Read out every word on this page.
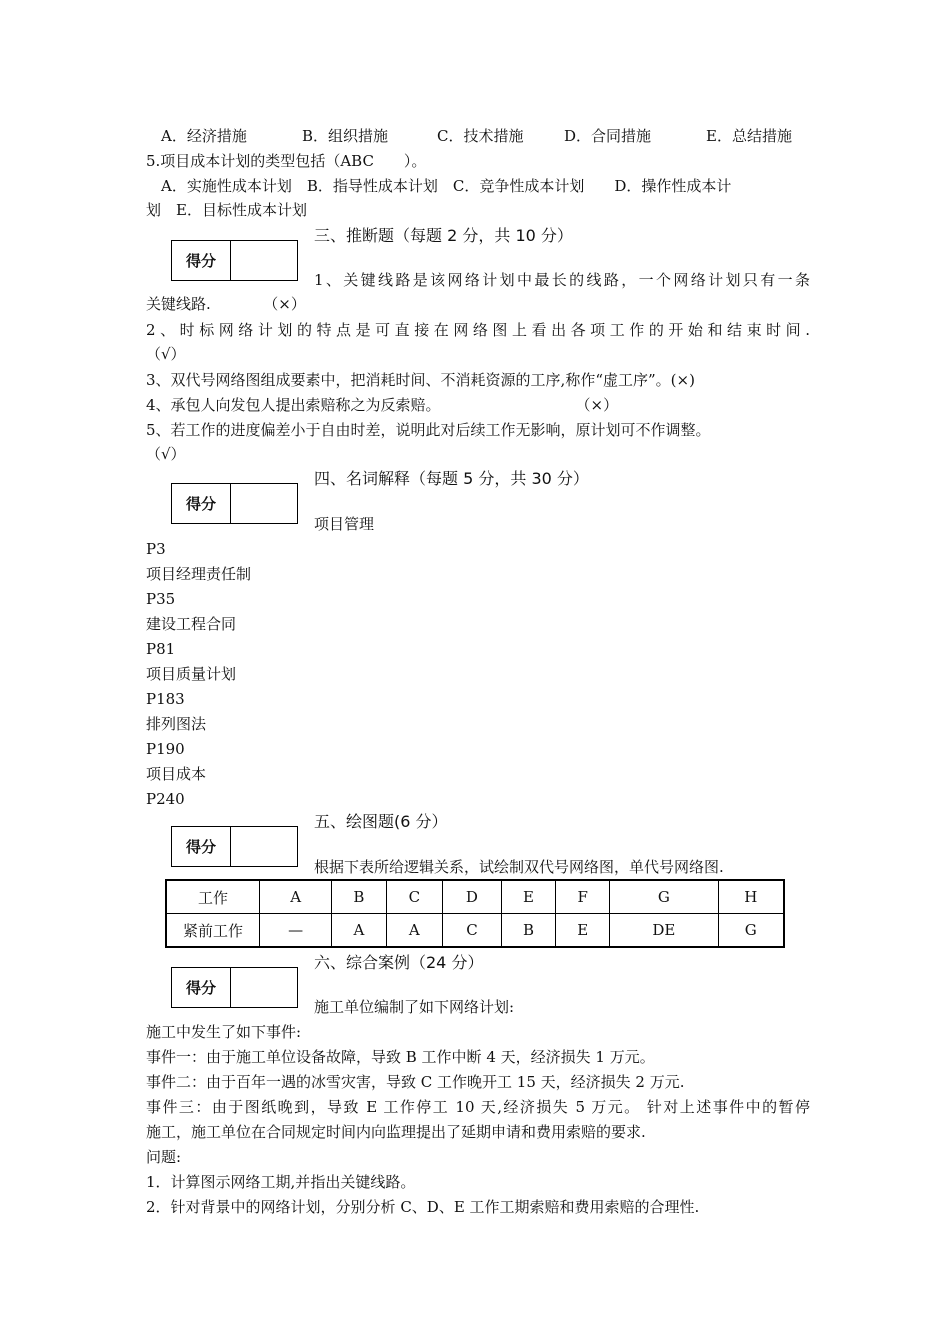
A．经济措施	B．组织措施	C．技术措施	D．合同措施	E．总结措施
5.项目成本计划的类型包括（ABC　　）。
A．实施性成本计划　B．指导性成本计划　C．竞争性成本计划　　D．操作性成本计
划　E．目标性成本计划
得分
三、推断题（每题 2 分，共 10 分）
1、关键线路是该网络计划中最长的线路，一个网络计划只有一条
关键线路.　　　　（×）
2、时标网络计划的特点是可直接在网络图上看出各项工作的开始和结束时间.
（√）
3、双代号网络图组成要素中，把消耗时间、不消耗资源的工序,称作“虚工序”。(×)
4、承包人向发包人提出索赔称之为反索赔。　　　　　　　　　　（×）
5、若工作的进度偏差小于自由时差，说明此对后续工作无影响，原计划可不作调整。
（√）
得分
四、名词解释（每题 5 分，共 30 分）
项目管理
P3
项目经理责任制
P35
建设工程合同
P81
项目质量计划
P183
排列图法
P190
项目成本
P240
得分
五、绘图题(6 分）
根据下表所给逻辑关系，试绘制双代号网络图，单代号网络图.
工作	A	B	C	D	E	F	G	H
紧前工作	—	A	A	C	B	E	DE	G
得分
六、综合案例（24 分）
施工单位编制了如下网络计划:
施工中发生了如下事件:
事件一：由于施工单位设备故障，导致 B 工作中断 4 天，经济损失 1 万元。
事件二：由于百年一遇的冰雪灾害，导致 C 工作晚开工 15 天，经济损失 2 万元.
事件三：由于图纸晚到，导致 E 工作停工 10 天,经济损失 5 万元。 针对上述事件中的暂停
施工，施工单位在合同规定时间内向监理提出了延期申请和费用索赔的要求.
问题:
1．计算图示网络工期,并指出关键线路。
2．针对背景中的网络计划，分别分析 C、D、E 工作工期索赔和费用索赔的合理性.
